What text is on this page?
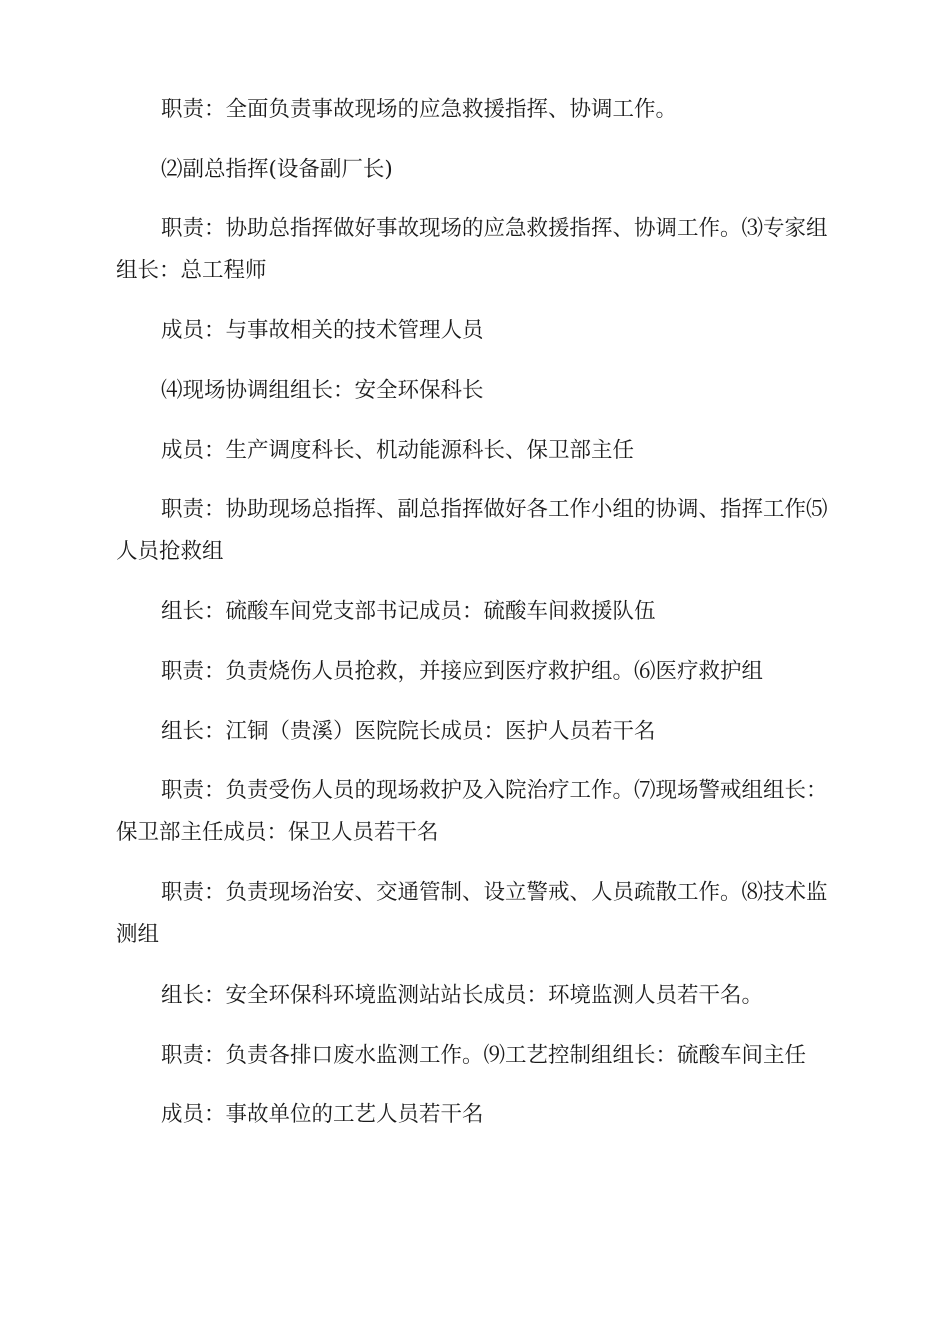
职责：全面负责事故现场的应急救援指挥、协调工作。

⑵副总指挥(设备副厂长)

职责：协助总指挥做好事故现场的应急救援指挥、协调工作。⑶专家组组长：总工程师

成员：与事故相关的技术管理人员

⑷现场协调组组长：安全环保科长

成员：生产调度科长、机动能源科长、保卫部主任

职责：协助现场总指挥、副总指挥做好各工作小组的协调、指挥工作⑸人员抢救组

组长：硫酸车间党支部书记成员：硫酸车间救援队伍

职责：负责烧伤人员抢救，并接应到医疗救护组。⑹医疗救护组

组长：江铜（贵溪）医院院长成员：医护人员若干名

职责：负责受伤人员的现场救护及入院治疗工作。⑺现场警戒组组长：保卫部主任成员：保卫人员若干名

职责：负责现场治安、交通管制、设立警戒、人员疏散工作。⑻技术监测组

组长：安全环保科环境监测站站长成员：环境监测人员若干名。

职责：负责各排口废水监测工作。⑼工艺控制组组长：硫酸车间主任

成员：事故单位的工艺人员若干名
